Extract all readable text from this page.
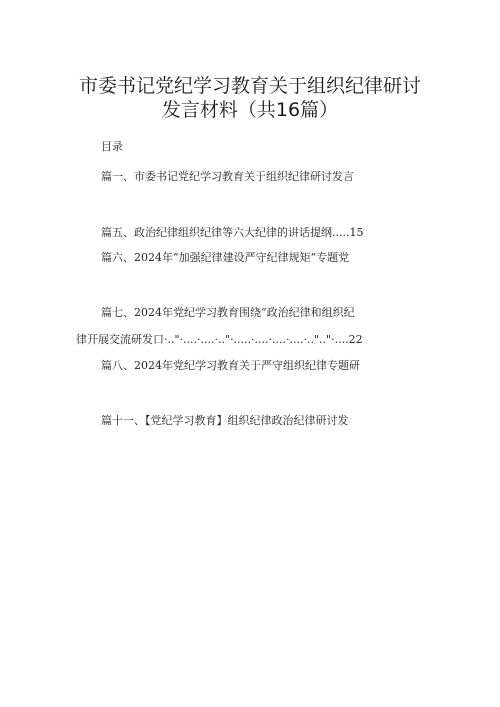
市委书记党纪学习教育关于组织纪律研讨
发言材料（共16篇）
目录
篇一、市委书记党纪学习教育关于组织纪律研讨发言
篇五、政治纪律组织纪律等六大纪律的讲话提纲.....15
篇六、2024年“加强纪律建设严守纪律规矩”专题党
篇七、2024年党纪学习教育围绕“政治纪律和组织纪
律开展交流研发口·.."·....·....·.."·.....·....·....·....·..".."·....22
篇八、2024年党纪学习教育关于严守组织纪律专题研
篇十一、【党纪学习教育】组织纪律政治纪律研讨发
